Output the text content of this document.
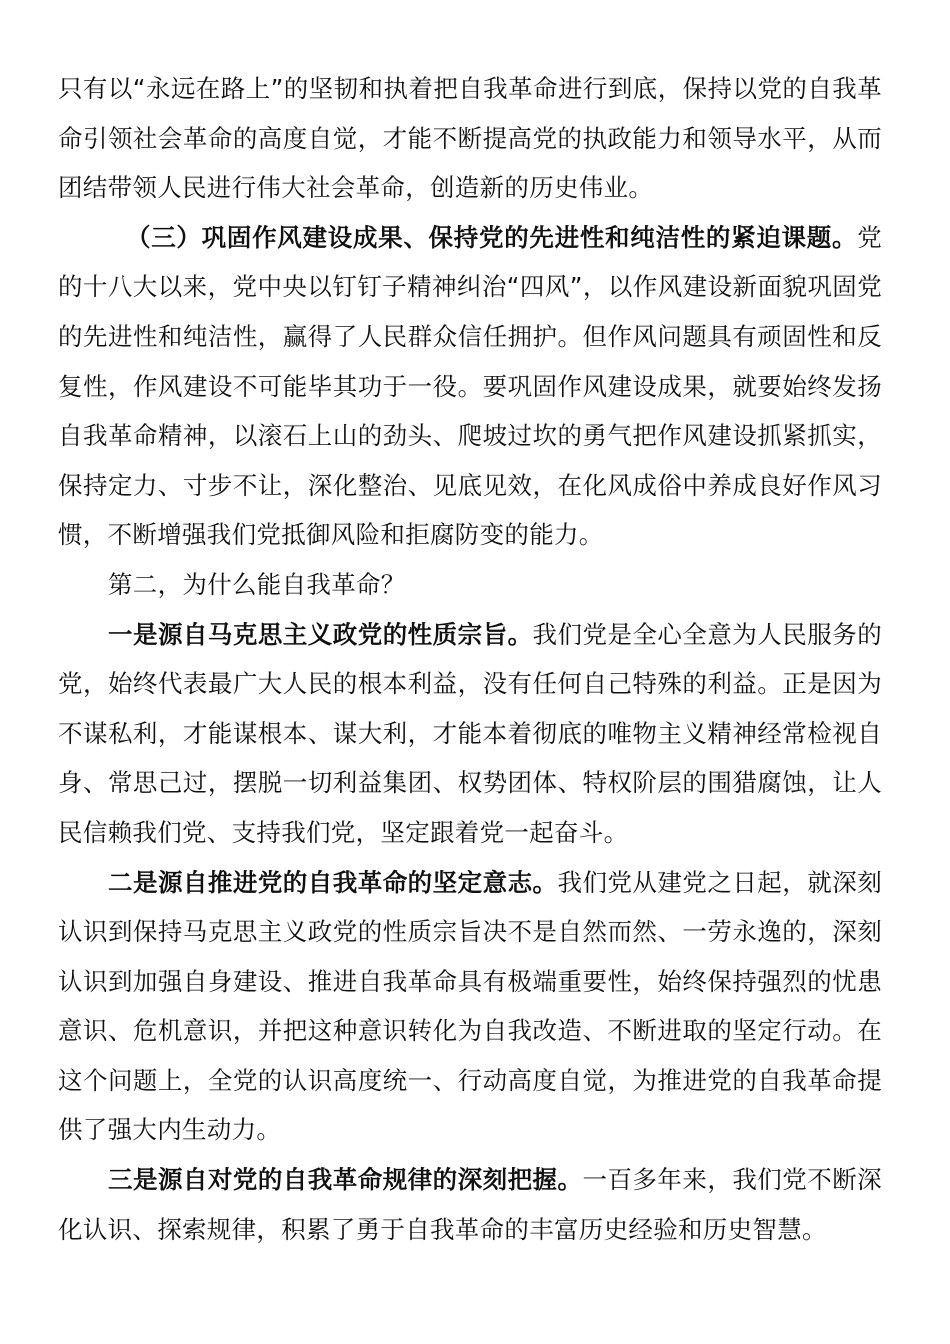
只有以“永远在路上”的坚韧和执着把自我革命进行到底，保持以党的自我革命引领社会革命的高度自觉，才能不断提高党的执政能力和领导水平，从而团结带领人民进行伟大社会革命，创造新的历史伟业。

（三）巩固作风建设成果、保持党的先进性和纯洁性的紧迫课题。党的十八大以来，党中央以钉钉子精神纠治“四风”，以作风建设新面貌巩固党的先进性和纯洁性，赢得了人民群众信任拥护。但作风问题具有顽固性和反复性，作风建设不可能毕其功于一役。要巩固作风建设成果，就要始终发扬自我革命精神，以滚石上山的劲头、爬坡过坎的勇气把作风建设抓紧抓实，保持定力、寸步不让，深化整治、见底见效，在化风成俗中养成良好作风习惯，不断增强我们党抵御风险和拒腐防变的能力。

第二，为什么能自我革命？

一是源自马克思主义政党的性质宗旨。我们党是全心全意为人民服务的党，始终代表最广大人民的根本利益，没有任何自己特殊的利益。正是因为不谋私利，才能谋根本、谋大利，才能本着彻底的唯物主义精神经常检视自身、常思己过，摆脱一切利益集团、权势团体、特权阶层的围猎腐蚀，让人民信赖我们党、支持我们党，坚定跟着党一起奋斗。

二是源自推进党的自我革命的坚定意志。我们党从建党之日起，就深刻认识到保持马克思主义政党的性质宗旨决不是自然而然、一劳永逸的，深刻认识到加强自身建设、推进自我革命具有极端重要性，始终保持强烈的忧患意识、危机意识，并把这种意识转化为自我改造、不断进取的坚定行动。在这个问题上，全党的认识高度统一、行动高度自觉，为推进党的自我革命提供了强大内生动力。

三是源自对党的自我革命规律的深刻把握。一百多年来，我们党不断深化认识、探索规律，积累了勇于自我革命的丰富历史经验和历史智慧。
